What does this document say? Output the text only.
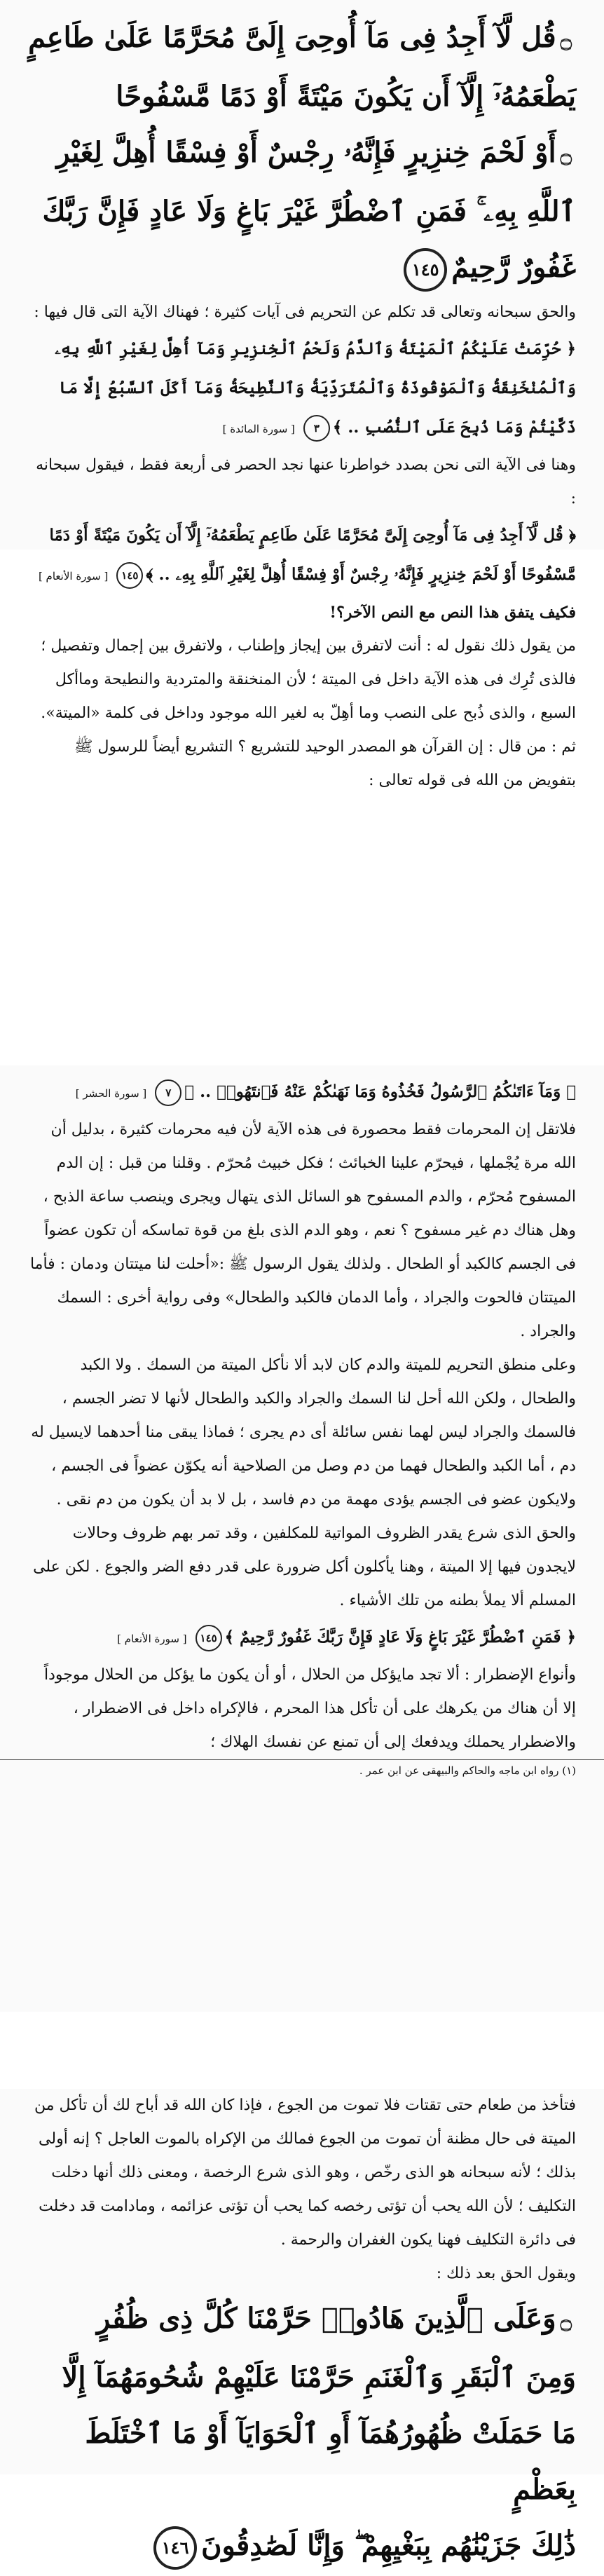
۝قُل لَّآ أَجِدُ فِى مَآ أُوحِىَ إِلَىَّ مُحَرَّمًا عَلَىٰ طَاعِمٍ
يَطْعَمُهُۥٓ إِلَّآ أَن يَكُونَ مَيْتَةً أَوْ دَمًا مَّسْفُوحًا
۝أَوْ لَحْمَ خِنزِيرٍ فَإِنَّهُۥ رِجْسٌ أَوْ فِسْقًا أُهِلَّ لِغَيْرِ
ٱللَّهِ بِهِۦ ۚ فَمَنِ ٱضْطُرَّ غَيْرَ بَاغٍ وَلَا عَادٍ فَإِنَّ رَبَّكَ
غَفُورٌ رَّحِيمٌ١٤٥

والحق سبحانه وتعالى قد تكلم عن التحريم فى آيات كثيرة ؛ فهناك الآية التى قال فيها :

﴿ حُرِّمَتْ عَلَيْكُمُ ٱلْمَيْتَةُ وَٱلدَّمُ وَلَحْمُ ٱلْخِنزِيرِ وَمَآ أُهِلَّ لِغَيْرِ ٱللَّهِ بِهِۦ وَٱلْمُنْخَنِقَةُ وَٱلْمَوْقُوذَةُ وَٱلْمُتَرَدِّيَةُ وَٱلنَّطِيحَةُ وَمَآ أَكَلَ ٱلسَّبُعُ إِلَّا مَا ذَكَّيْتُمْ وَمَا ذُبِحَ عَلَى ٱلنُّصُبِ .. ﴾٣[ سورة المائدة ]

وهنا فى الآية التى نحن بصدد خواطرنا عنها نجد الحصر فى أربعة فقط ، فيقول سبحانه :

﴿ قُل لَّآ أَجِدُ فِى مَآ أُوحِىَ إِلَىَّ مُحَرَّمًا عَلَىٰ طَاعِمٍ يَطْعَمُهُۥٓ إِلَّآ أَن يَكُونَ مَيْتَةً أَوْ دَمًا مَّسْفُوحًا أَوْ لَحْمَ خِنزِيرٍ فَإِنَّهُۥ رِجْسٌ أَوْ فِسْقًا أُهِلَّ لِغَيْرِ ٱللَّهِ بِهِۦ .. ﴾١٤٥[ سورة الأنعام ]

فكيف يتفق هذا النص مع النص الآخر؟!

من يقول ذلك نقول له : أنت لاتفرق بين إيجاز وإطناب ، ولاتفرق بين إجمال وتفصيل ؛ فالذى تُرِك فى هذه الآية داخل فى الميتة ؛ لأن المنخنقة والمتردية والنطيحة وماأكل السبع ، والذى ذُبح على النصب وما أهِلّ به لغير الله موجود وداخل فى كلمة «الميتة».

ثم : من قال : إن القرآن هو المصدر الوحيد للتشريع ؟ التشريع أيضاً للرسول ﷺ بتفويض من الله فى قوله تعالى :

﴿ وَمَآ ءَاتَىٰكُمُ ٱلرَّسُولُ فَخُذُوهُ وَمَا نَهَىٰكُمْ عَنْهُ فَٱنتَهُوا۟ .. ﴾٧[ سورة الحشر ]

فلاتقل إن المحرمات فقط محصورة فى هذه الآية لأن فيه محرمات كثيرة ، بدليل أن الله مرة يُجْملها ، فيحرّم علينا الخبائث ؛ فكل خبيث مُحرّم . وقلنا من قبل : إن الدم المسفوح مُحرّم ، والدم المسفوح هو السائل الذى يتهال ويجرى وينصب ساعة الذبح ، وهل هناك دم غير مسفوح ؟ نعم ، وهو الدم الذى بلغ من قوة تماسكه أن تكون عضواً فى الجسم كالكبد أو الطحال . ولذلك يقول الرسول ﷺ :«أحلت لنا ميتتان ودمان : فأما الميتتان فالحوت والجراد ، وأما الدمان فالكبد والطحال» وفى رواية أخرى : السمك والجراد .

وعلى منطق التحريم للميتة والدم كان لابد ألا نأكل الميتة من السمك . ولا الكبد والطحال ، ولكن الله أحل لنا السمك والجراد والكبد والطحال لأنها لا تضر الجسم ، فالسمك والجراد ليس لهما نفس سائلة أى دم يجرى ؛ فماذا يبقى منا أحدهما لايسيل له دم ، أما الكبد والطحال فهما من دم وصل من الصلاحية أنه يكوّن عضواً فى الجسم ، ولايكون عضو فى الجسم يؤدى مهمة من دم فاسد ، بل لا بد أن يكون من دم نقى .

والحق الذى شرع يقدر الظروف المواتية للمكلفين ، وقد تمر بهم ظروف وحالات لايجدون فيها إلا الميتة ، وهنا يأكلون أكل ضرورة على قدر دفع الضر والجوع . لكن على المسلم ألا يملأ بطنه من تلك الأشياء .

﴿ فَمَنِ ٱضْطُرَّ غَيْرَ بَاغٍ وَلَا عَادٍ فَإِنَّ رَبَّكَ غَفُورٌ رَّحِيمٌ ﴾١٤٥[ سورة الأنعام ]

وأنواع الإضطرار : ألا تجد مايؤكل من الحلال ، أو أن يكون ما يؤكل من الحلال موجوداً إلا أن هناك من يكرهك على أن تأكل هذا المحرم ، فالإكراه داخل فى الاضطرار ، والاضطرار يحملك ويدفعك إلى أن تمنع عن نفسك الهلاك ؛

(١) رواه ابن ماجه والحاكم والبيهقى عن ابن عمر .

فتأخذ من طعام حتى تقتات فلا تموت من الجوع ، فإذا كان الله قد أباح لك أن تأكل من الميتة فى حال مظنة أن تموت من الجوع فمالك من الإكراه بالموت العاجل ؟ إنه أولى بذلك ؛ لأنه سبحانه هو الذى رخّص ، وهو الذى شرع الرخصة ، ومعنى ذلك أنها دخلت التكليف ؛ لأن الله يحب أن تؤتى رخصه كما يحب أن تؤتى عزائمه ، ومادامت قد دخلت فى دائرة التكليف فهنا يكون الغفران والرحمة .

ويقول الحق بعد ذلك :

۝وَعَلَى ٱلَّذِينَ هَادُوا۟ حَرَّمْنَا كُلَّ ذِى ظُفُرٍ
وَمِنَ ٱلْبَقَرِ وَٱلْغَنَمِ حَرَّمْنَا عَلَيْهِمْ شُحُومَهُمَآ إِلَّا
مَا حَمَلَتْ ظُهُورُهُمَآ أَوِ ٱلْحَوَايَآ أَوْ مَا ٱخْتَلَطَ بِعَظْمٍ
ذَٰلِكَ جَزَيْنَٰهُم بِبَغْيِهِمْ ۖ وَإِنَّا لَصَٰدِقُونَ١٤٦
